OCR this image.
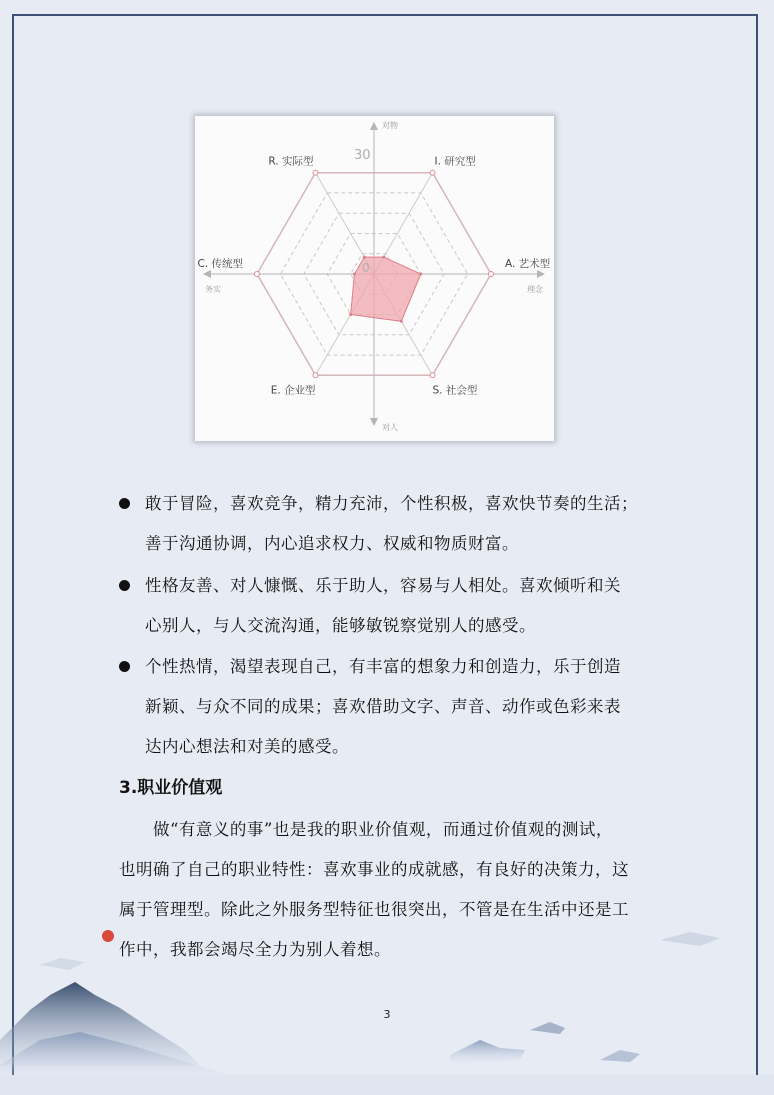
对物
对人
务实	理念
30
0
R. 实际型	I. 研究型
A. 艺术型
S. 社会型
E. 企业型
C. 传统型
敢于冒险，喜欢竞争，精力充沛，个性积极，喜欢快节奏的生活；
善于沟通协调，内心追求权力、权威和物质财富。
性格友善、对人慷慨、乐于助人，容易与人相处。喜欢倾听和关
心别人，与人交流沟通，能够敏锐察觉别人的感受。
个性热情，渴望表现自己，有丰富的想象力和创造力，乐于创造
新颖、与众不同的成果；喜欢借助文字、声音、动作或色彩来表
达内心想法和对美的感受。
3.职业价值观
做“有意义的事”也是我的职业价值观，而通过价值观的测试，
也明确了自己的职业特性：喜欢事业的成就感，有良好的决策力，这
属于管理型。除此之外服务型特征也很突出，不管是在生活中还是工
作中，我都会竭尽全力为别人着想。
3
